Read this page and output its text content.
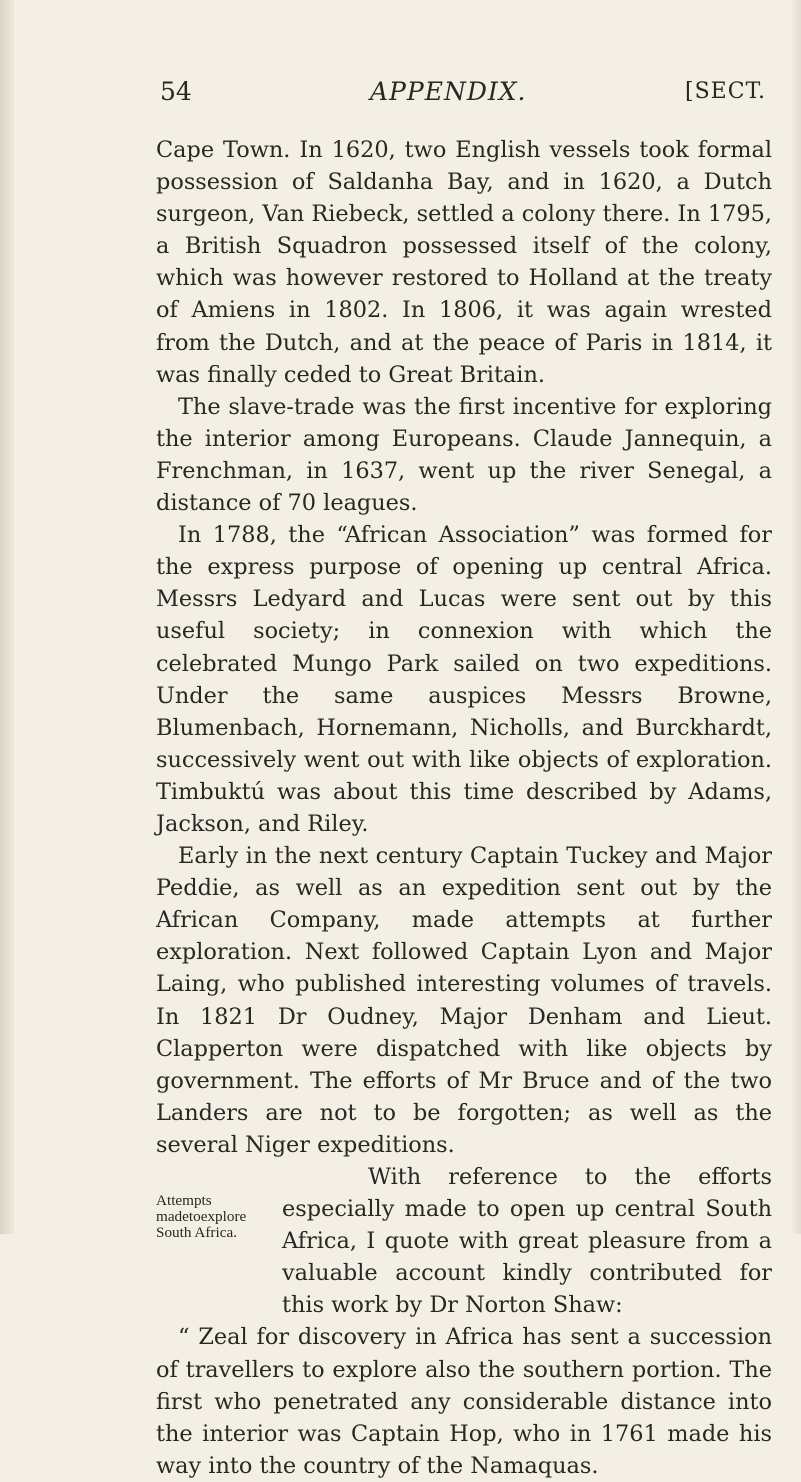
54	APPENDIX.	[SECT.

Cape Town. In 1620, two English vessels took formal possession of Saldanha Bay, and in 1620, a Dutch surgeon, Van Riebeck, settled a colony there. In 1795, a British Squadron possessed itself of the colony, which was however restored to Holland at the treaty of Amiens in 1802. In 1806, it was again wrested from the Dutch, and at the peace of Paris in 1814, it was finally ceded to Great Britain.

The slave-trade was the first incentive for exploring the interior among Europeans. Claude Jannequin, a Frenchman, in 1637, went up the river Senegal, a distance of 70 leagues.

In 1788, the “African Association” was formed for the express purpose of opening up central Africa. Messrs Ledyard and Lucas were sent out by this useful society; in connexion with which the celebrated Mungo Park sailed on two expeditions. Under the same auspices Messrs Browne, Blumenbach, Hornemann, Nicholls, and Burckhardt, successively went out with like objects of exploration. Timbuktú was about this time described by Adams, Jackson, and Riley.

Early in the next century Captain Tuckey and Major Peddie, as well as an expedition sent out by the African Company, made attempts at further exploration. Next followed Captain Lyon and Major Laing, who published interesting volumes of travels. In 1821 Dr Oudney, Major Denham and Lieut. Clapperton were dispatched with like objects by government. The efforts of Mr Bruce and of the two Landers are not to be forgotten; as well as the several Niger expeditions.

Attempts madetoexplore South Africa.

With reference to the efforts especially made to open up central South Africa, I quote with great pleasure from a valuable account kindly contributed for this work by Dr Norton Shaw:

“ Zeal for discovery in Africa has sent a succession of travellers to explore also the southern portion. The first who penetrated any considerable distance into the interior was Captain Hop, who in 1761 made his way into the country of the Namaquas.
